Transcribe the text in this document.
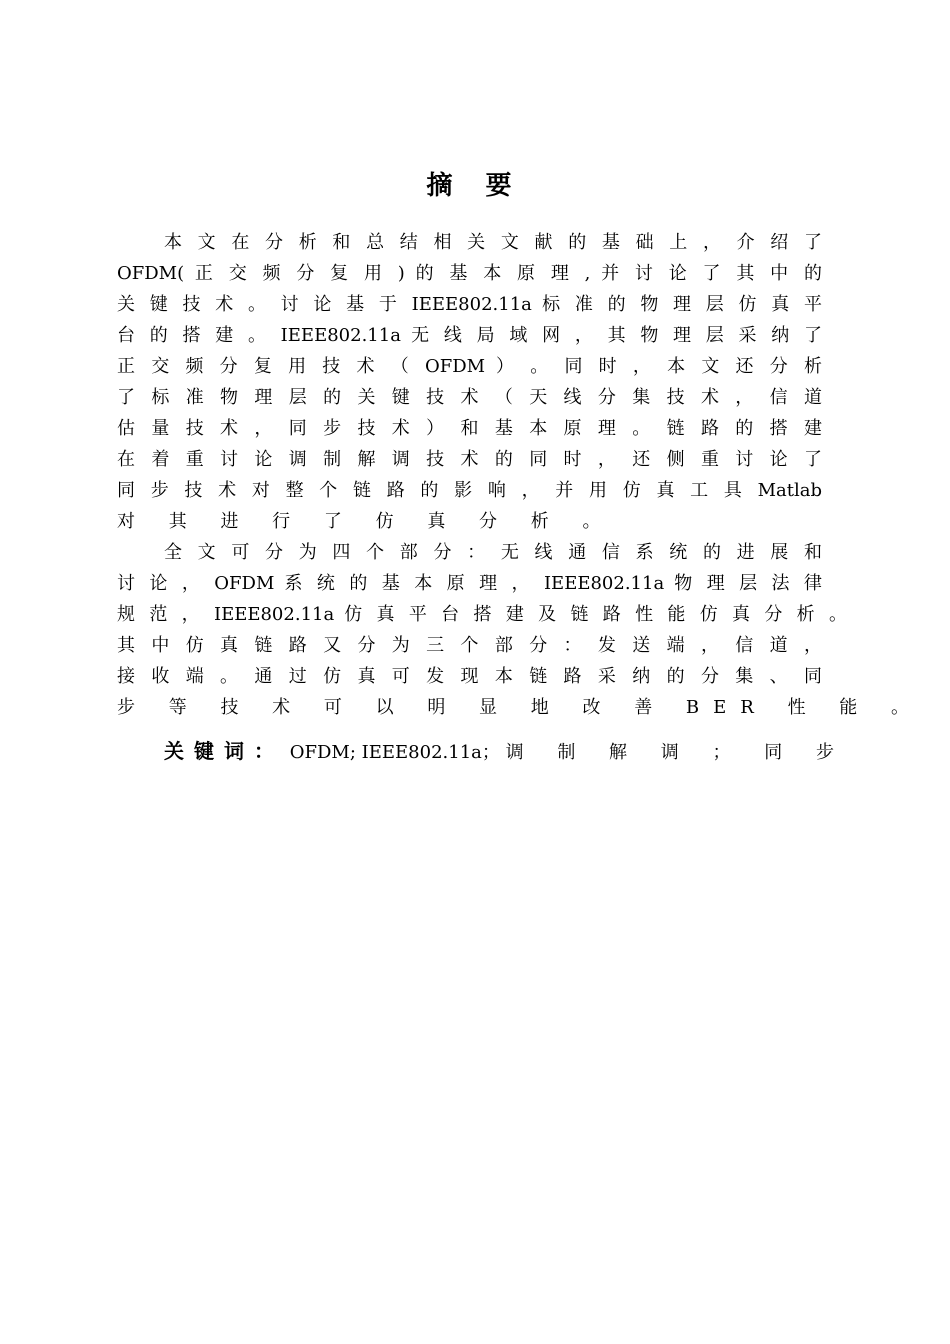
摘 要
本 文 在 分 析 和 总 结 相 关 文 献 的 基 础 上 ， 介 绍 了
OFDM( 正 交 频 分 复 用 ) 的 基 本 原 理 , 并 讨 论 了 其 中 的
关 键 技 术 。 讨 论 基 于 IEEE802.11a 标 准 的 物 理 层 仿 真 平
台 的 搭 建 。 IEEE802.11a 无 线 局 域 网 ， 其 物 理 层 采 纳 了
正 交 频 分 复 用 技 术 （ OFDM ） 。 同 时 ， 本 文 还 分 析
了 标 准 物 理 层 的 关 键 技 术 （ 天 线 分 集 技 术 ， 信 道
估 量 技 术 ， 同 步 技 术 ） 和 基 本 原 理 。 链 路 的 搭 建
在 着 重 讨 论 调 制 解 调 技 术 的 同 时 ， 还 侧 重 讨 论 了
同 步 技 术 对 整 个 链 路 的 影 响 ， 并 用 仿 真 工 具 Matlab
对 其 进 行 了 仿 真 分 析 。
全 文 可 分 为 四 个 部 分 ： 无 线 通 信 系 统 的 进 展 和
讨 论 ， OFDM 系 统 的 基 本 原 理 ， IEEE802.11a 物 理 层 法 律
规 范 ， IEEE802.11a 仿 真 平 台 搭 建 及 链 路 性 能 仿 真 分 析 。
其 中 仿 真 链 路 又 分 为 三 个 部 分 ： 发 送 端 ， 信 道 ，
接 收 端 。 通 过 仿 真 可 发 现 本 链 路 采 纳 的 分 集 、 同
步 等 技 术 可 以 明 显 地 改 善 BER 性 能 。
关键词： OFDM; IEEE802.11a； 调 制 解 调 ； 同 步
